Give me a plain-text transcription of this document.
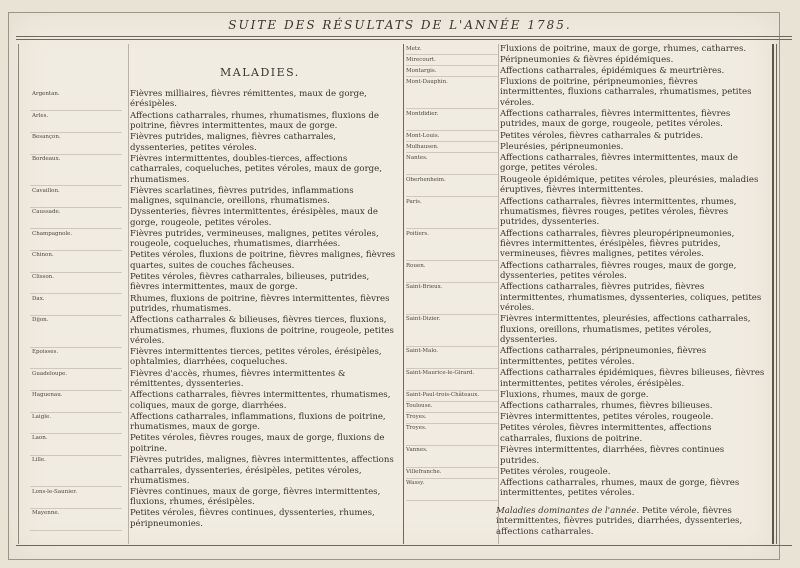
SUITE DES RÉSULTATS DE L'ANNÉE 1785.
MALADIES.
Argentan.	Fièvres milliaires, fièvres rémittentes, maux de gorge, érésipèles.
Arles.	Affections catharrales, rhumes, rhumatismes, fluxions de poitrine, fièvres intermittentes, maux de gorge.
Besançon.	Fièvres putrides, malignes, fièvres catharrales, dyssenteries, petites véroles.
Bordeaux.	Fièvres intermittentes, doubles-tierces, affections catharrales, coqueluches, petites véroles, maux de gorge, rhumatismes.
Cavaillon.	Fièvres scarlatines, fièvres putrides, inflammations malignes, squinancie, oreillons, rhumatismes.
Caussade.	Dyssenteries, fièvres intermittentes, érésipèles, maux de gorge, rougeole, petites véroles.
Champagnole.	Fièvres putrides, vermineuses, malignes, petites véroles, rougeole, coqueluches, rhumatismes, diarrhées.
Chinon.	Petites véroles, fluxions de poitrine, fièvres malignes, fièvres quartes, suites de couches fâcheuses.
Clisson.	Petites véroles, fièvres catharrales, bilieuses, putrides, fièvres intermittentes, maux de gorge.
Dax.	Rhumes, fluxions de poitrine, fièvres intermittentes, fièvres putrides, rhumatismes.
Dijon.	Affections catharrales & bilieuses, fièvres tierces, fluxions, rhumatismes, rhumes, fluxions de poitrine, rougeole, petites véroles.
Epoisses.	Fièvres intermittentes tierces, petites véroles, érésipèles, ophtalmies, diarrhées, coqueluches.
Guadeloupe.	Fièvres d'accès, rhumes, fièvres intermittentes & rémittentes, dyssenteries.
Haguenau.	Affections catharrales, fièvres intermittentes, rhumatismes, coliques, maux de gorge, diarrhées.
Laigle.	Affections catharrales, inflammations, fluxions de poitrine, rhumatismes, maux de gorge.
Laon.	Petites véroles, fièvres rouges, maux de gorge, fluxions de poitrine.
Lille.	Fièvres putrides, malignes, fièvres intermittentes, affections catharrales, dyssenteries, érésipèles, petites véroles, rhumatismes.
Lons-le-Saunier.	Fièvres continues, maux de gorge, fièvres intermittentes, fluxions, rhumes, érésipèles.
Mayenne.	Petites véroles, fièvres continues, dyssenteries, rhumes, péripneumonies.
Metz.	Fluxions de poitrine, maux de gorge, rhumes, catharres.
Mirecourt.	Péripneumonies & fièvres épidémiques.
Montargis.	Affections catharrales, épidémiques & meurtrières.
Mont-Dauphin.	Fluxions de poitrine, péripneumonies, fièvres intermittentes, fluxions catharrales, rhumatismes, petites véroles.
Montdidier.	Affections catharrales, fièvres intermittentes, fièvres putrides, maux de gorge, rougeole, petites véroles.
Mont-Louis.	Petites véroles, fièvres catharrales & putrides.
Mulhausen.	Pleurésies, péripneumonies.
Nantes.	Affections catharrales, fièvres intermittentes, maux de gorge, petites véroles.
Oberhenheim.	Rougeole épidémique, petites véroles, pleurésies, maladies éruptives, fièvres intermittentes.
Paris.	Affections catharrales, fièvres intermittentes, rhumes, rhumatismes, fièvres rouges, petites véroles, fièvres putrides, dyssenteries.
Poitiers.	Affections catharrales, fièvres pleuropéripneumonies, fièvres intermittentes, érésipèles, fièvres putrides, vermineuses, fièvres malignes, petites véroles.
Rouen.	Affections catharrales, fièvres rouges, maux de gorge, dyssenteries, petites véroles.
Saint-Brieux.	Affections catharrales, fièvres putrides, fièvres intermittentes, rhumatismes, dyssenteries, coliques, petites véroles.
Saint-Dizier.	Fièvres intermittentes, pleurésies, affections catharrales, fluxions, oreillons, rhumatismes, petites véroles, dyssenteries.
Saint-Malo.	Affections catharrales, péripneumonies, fièvres intermittentes, petites véroles.
Saint-Maurice-le-Girard.	Affections catharrales épidémiques, fièvres bilieuses, fièvres intermittentes, petites véroles, érésipèles.
Saint-Paul-trois-Châteaux.	Fluxions, rhumes, maux de gorge.
Toulouse.	Affections catharrales, rhumes, fièvres bilieuses.
Troyes.	Fièvres intermittentes, petites véroles, rougeole.
Troyes.	Petites véroles, fièvres intermittentes, affections catharrales, fluxions de poitrine.
Vannes.	Fièvres intermittentes, diarrhées, fièvres continues putrides.
Villefranche.	Petites véroles, rougeole.
Wassy.	Affections catharrales, rhumes, maux de gorge, fièvres intermittentes, petites véroles.
Maladies dominantes de l'année. Petite vérole, fièvres intermittentes, fièvres putrides, diarrhées, dyssenteries, affections catharrales.
